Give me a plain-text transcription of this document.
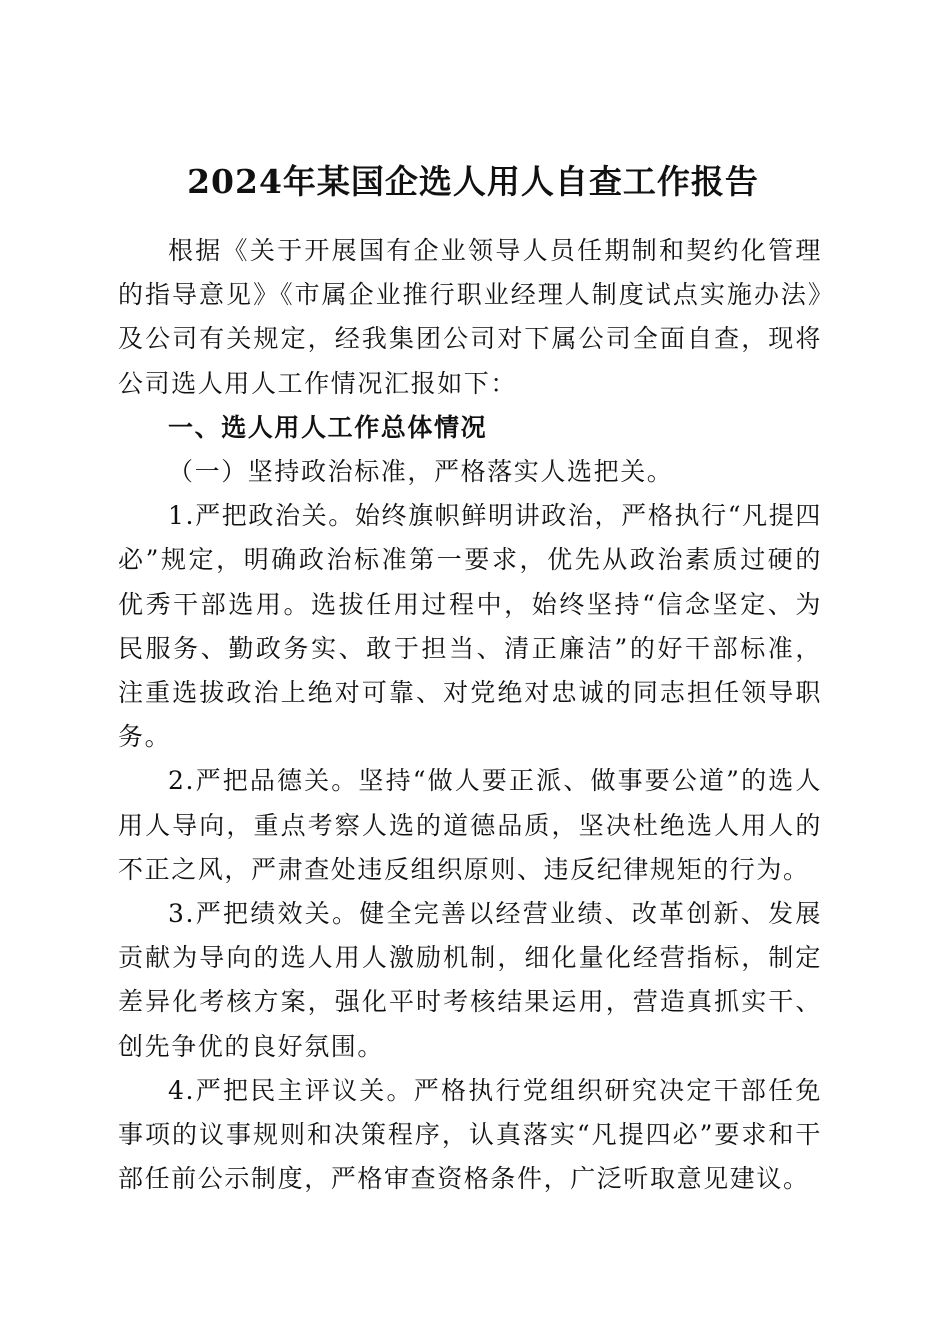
2024年某国企选人用人自查工作报告

根据《关于开展国有企业领导人员任期制和契约化管理的指导意见》《市属企业推行职业经理人制度试点实施办法》及公司有关规定，经我集团公司对下属公司全面自查，现将公司选人用人工作情况汇报如下：

一、选人用人工作总体情况

（一）坚持政治标准，严格落实人选把关。

1.严把政治关。始终旗帜鲜明讲政治，严格执行“凡提四必”规定，明确政治标准第一要求，优先从政治素质过硬的优秀干部选用。选拔任用过程中，始终坚持“信念坚定、为民服务、勤政务实、敢于担当、清正廉洁”的好干部标准，注重选拔政治上绝对可靠、对党绝对忠诚的同志担任领导职务。

2.严把品德关。坚持“做人要正派、做事要公道”的选人用人导向，重点考察人选的道德品质，坚决杜绝选人用人的不正之风，严肃查处违反组织原则、违反纪律规矩的行为。

3.严把绩效关。健全完善以经营业绩、改革创新、发展贡献为导向的选人用人激励机制，细化量化经营指标，制定差异化考核方案，强化平时考核结果运用，营造真抓实干、创先争优的良好氛围。

4.严把民主评议关。严格执行党组织研究决定干部任免事项的议事规则和决策程序，认真落实“凡提四必”要求和干部任前公示制度，严格审查资格条件，广泛听取意见建议。
